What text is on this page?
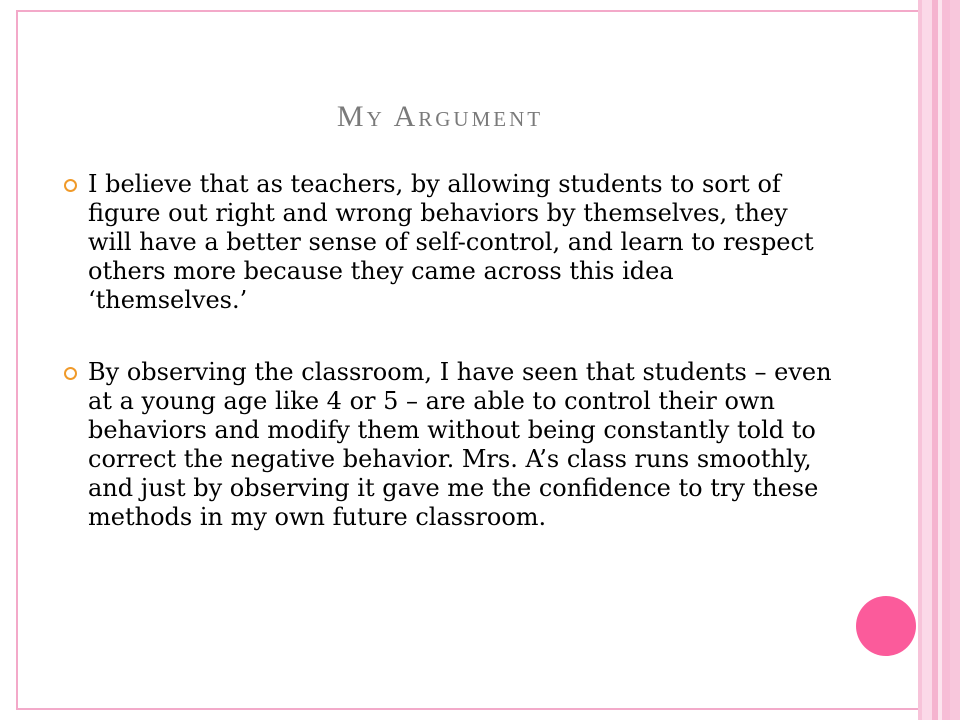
My Argument
I believe that as teachers, by allowing students to sort of figure out right and wrong behaviors by themselves, they will have a better sense of self-control, and learn to respect others more because they came across this idea ‘themselves.’
By observing the classroom, I have seen that students – even at a young age like 4 or 5 – are able to control their own behaviors and modify them without being constantly told to correct the negative behavior. Mrs. A’s class runs smoothly, and just by observing it gave me the confidence to try these methods in my own future classroom.
